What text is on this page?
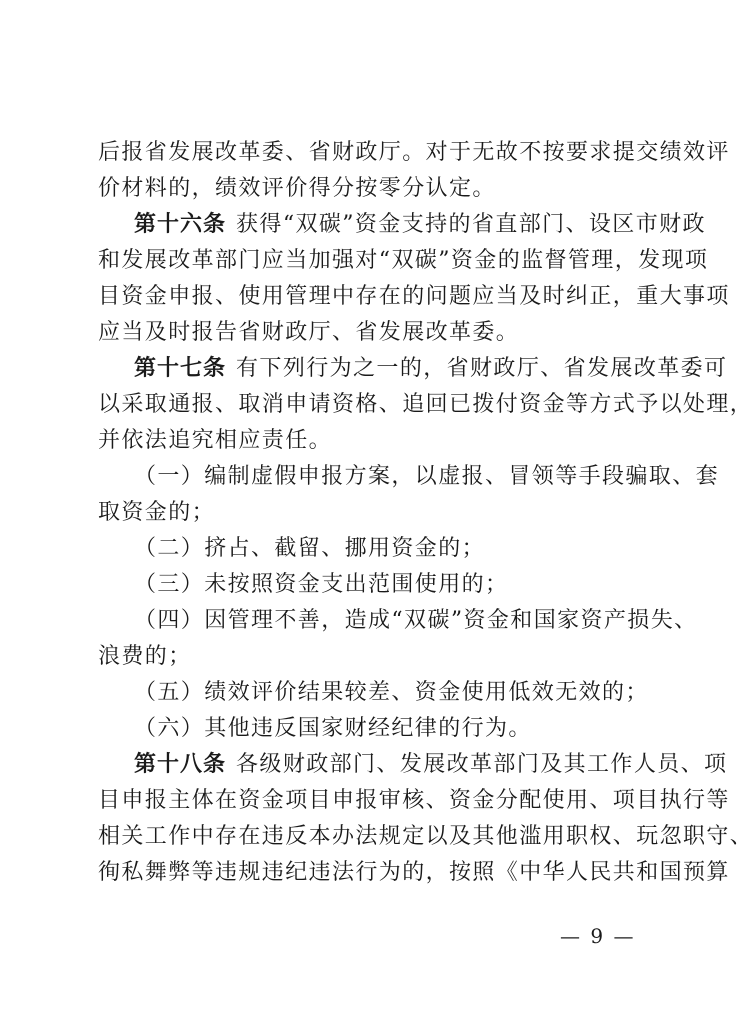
后报省发展改革委、省财政厅。对于无故不按要求提交绩效评
价材料的，绩效评价得分按零分认定。
第十六条 获得“双碳”资金支持的省直部门、设区市财政
和发展改革部门应当加强对“双碳”资金的监督管理，发现项
目资金申报、使用管理中存在的问题应当及时纠正，重大事项
应当及时报告省财政厅、省发展改革委。
第十七条 有下列行为之一的，省财政厅、省发展改革委可
以采取通报、取消申请资格、追回已拨付资金等方式予以处理，
并依法追究相应责任。
（一）编制虚假申报方案，以虚报、冒领等手段骗取、套
取资金的；
（二）挤占、截留、挪用资金的；
（三）未按照资金支出范围使用的；
（四）因管理不善，造成“双碳”资金和国家资产损失、
浪费的；
（五）绩效评价结果较差、资金使用低效无效的；
（六）其他违反国家财经纪律的行为。
第十八条 各级财政部门、发展改革部门及其工作人员、项
目申报主体在资金项目申报审核、资金分配使用、项目执行等
相关工作中存在违反本办法规定以及其他滥用职权、玩忽职守、
徇私舞弊等违规违纪违法行为的，按照《中华人民共和国预算
— 9 —
